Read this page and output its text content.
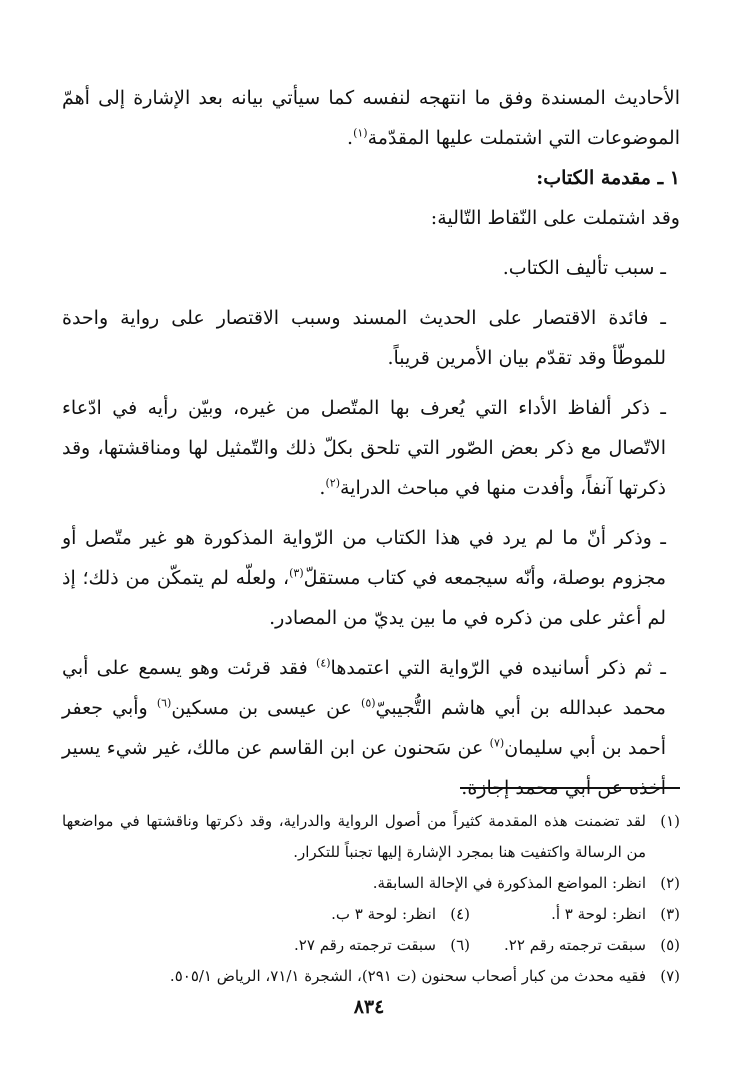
الأحاديث المسندة وفق ما انتهجه لنفسه كما سيأتي بيانه بعد الإشارة إلى أهمّ الموضوعات التي اشتملت عليها المقدّمة$^{(١)}$.

١ ـ مقدمة الكتاب:

وقد اشتملت على النّقاط التّالية:

ـ سبب تأليف الكتاب.

ـ فائدة الاقتصار على الحديث المسند وسبب الاقتصار على رواية واحدة للموطّأ وقد تقدّم بيان الأمرين قريباً.

ـ ذكر ألفاظ الأداء التي يُعرف بها المتّصل من غيره، وبيّن رأيه في ادّعاء الاتّصال مع ذكر بعض الصّور التي تلحق بكلّ ذلك والتّمثيل لها ومناقشتها، وقد ذكرتها آنفاً، وأفدت منها في مباحث الدراية$^{(٢)}$.

ـ وذكر أنّ ما لم يرد في هذا الكتاب من الرّواية المذكورة هو غير متّصل أو مجزوم بوصلة، وأنّه سيجمعه في كتاب مستقلّ$^{(٣)}$، ولعلّه لم يتمكّن من ذلك؛ إذ لم أعثر على من ذكره في ما بين يديّ من المصادر.

ـ ثم ذكر أسانيده في الرّواية التي اعتمدها$^{(٤)}$ فقد قرئت وهو يسمع على أبي محمد عبدالله بن أبي هاشم التُّجيبيّ$^{(٥)}$ عن عيسى بن مسكين$^{(٦)}$ وأبي جعفر أحمد بن أبي سليمان$^{(٧)}$ عن سَحنون عن ابن القاسم عن مالك، غير شيء يسير أخذه عن أبي محمد إجازة.

(١)
لقد تضمنت هذه المقدمة كثيراً من أصول الرواية والدراية، وقد ذكرتها وناقشتها في مواضعها من الرسالة واكتفيت هنا بمجرد الإشارة إليها تجنباً للتكرار.
(٢)
انظر: المواضع المذكورة في الإحالة السابقة.
(٣)
انظر: لوحة ٣ أ.
(٤)
انظر: لوحة ٣ ب.
(٥)
سبقت ترجمته رقم ٢٢.
(٦)
سبقت ترجمته رقم ٢٧.
(٧)
فقيه محدث من كبار أصحاب سحنون (ت ٢٩١)، الشجرة ٧١/١، الرياض ٥٠٥/١.
٨٣٤
